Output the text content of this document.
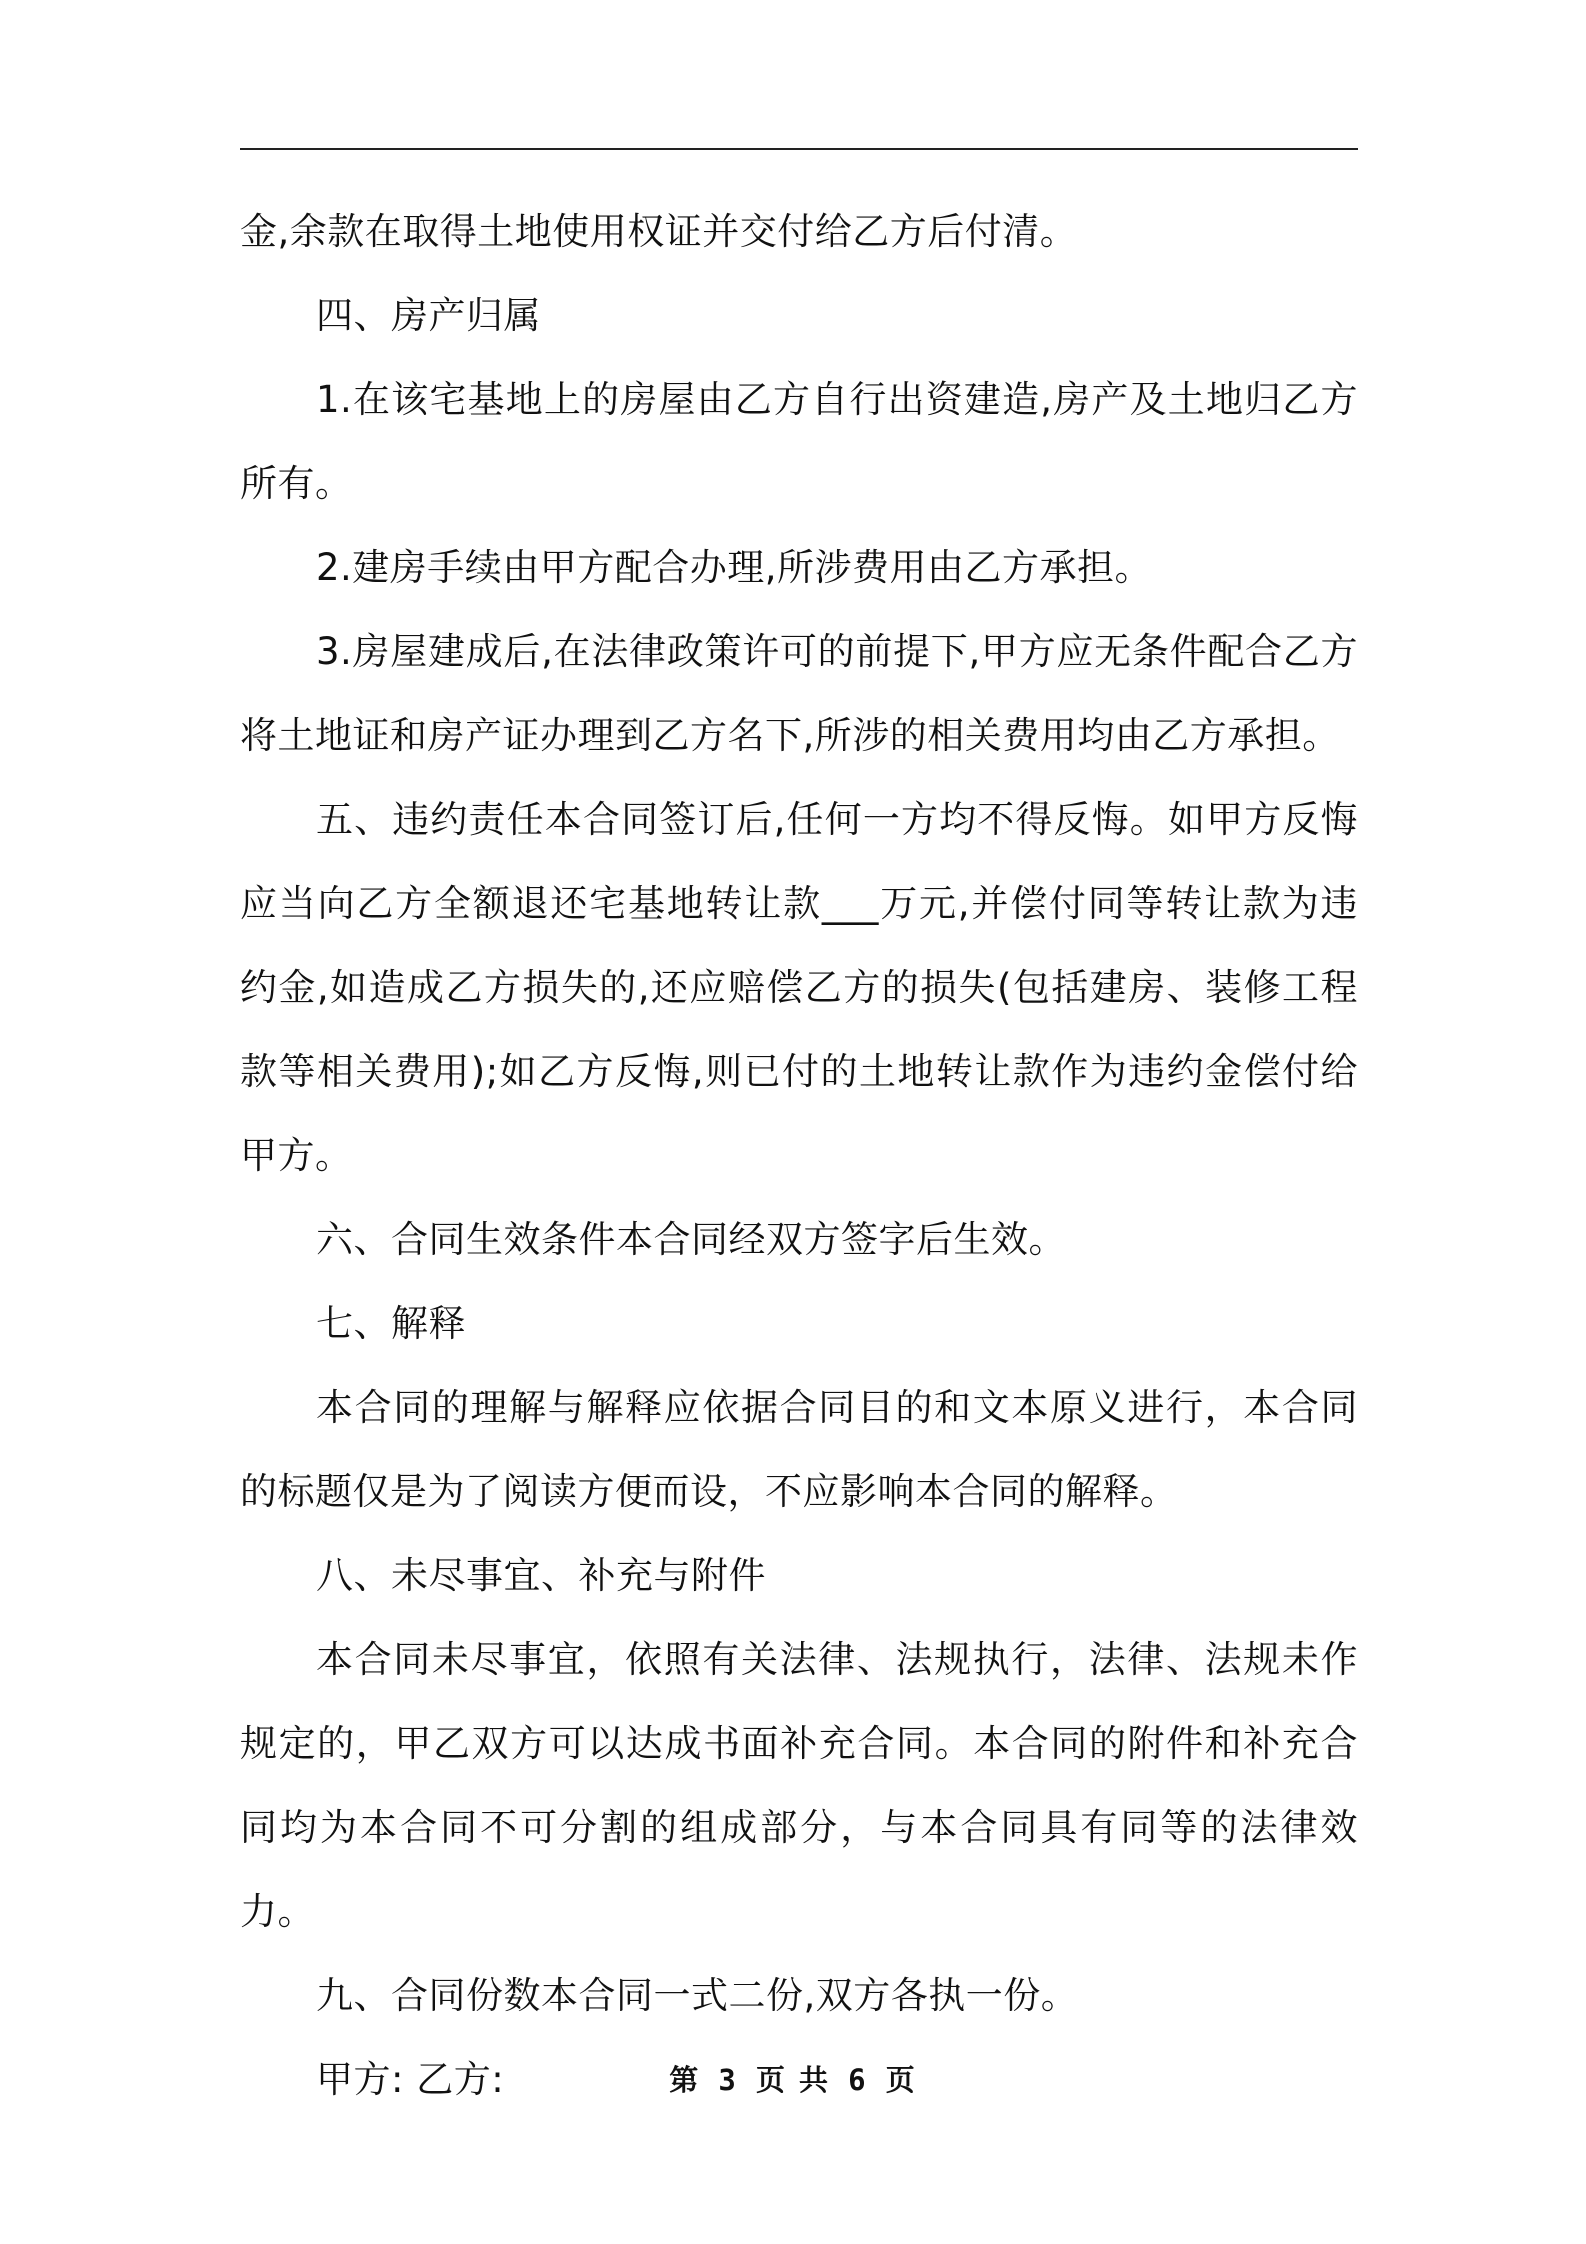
金,余款在取得土地使用权证并交付给乙方后付清。

四、房产归属

1.在该宅基地上的房屋由乙方自行出资建造,房产及土地归乙方所有。

2.建房手续由甲方配合办理,所涉费用由乙方承担。

3.房屋建成后,在法律政策许可的前提下,甲方应无条件配合乙方将土地证和房产证办理到乙方名下,所涉的相关费用均由乙方承担。

五、违约责任本合同签订后,任何一方均不得反悔。如甲方反悔应当向乙方全额退还宅基地转让款___万元,并偿付同等转让款为违约金,如造成乙方损失的,还应赔偿乙方的损失(包括建房、装修工程款等相关费用);如乙方反悔,则已付的土地转让款作为违约金偿付给甲方。

六、合同生效条件本合同经双方签字后生效。

七、解释

本合同的理解与解释应依据合同目的和文本原义进行，本合同的标题仅是为了阅读方便而设，不应影响本合同的解释。

八、未尽事宜、补充与附件

本合同未尽事宜，依照有关法律、法规执行，法律、法规未作规定的，甲乙双方可以达成书面补充合同。本合同的附件和补充合同均为本合同不可分割的组成部分，与本合同具有同等的法律效力。

九、合同份数本合同一式二份,双方各执一份。

甲方: 乙方:	第 3 页 共 6 页
